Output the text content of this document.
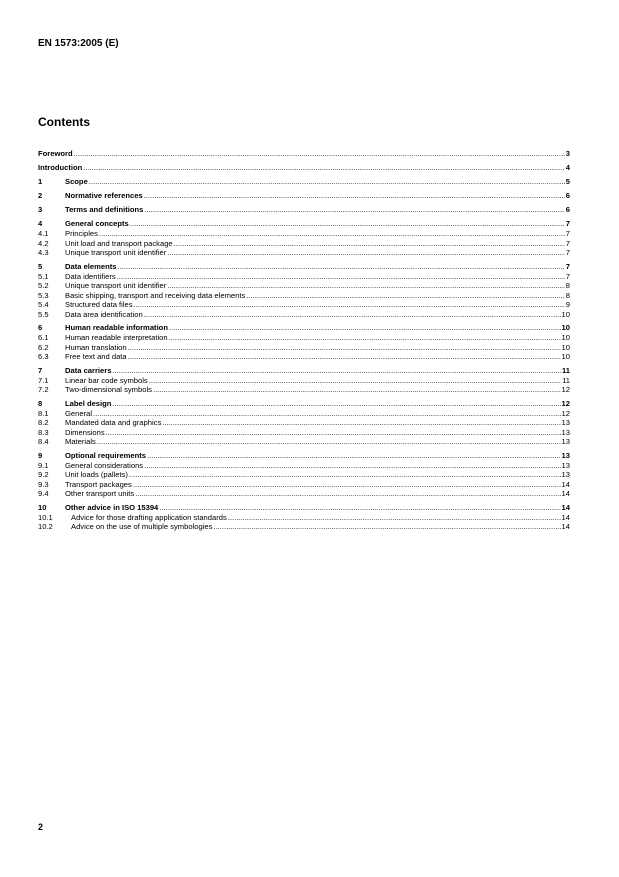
EN 1573:2005 (E)
Contents
Foreword .....	3
Introduction .....	4
1	Scope .....	5
2	Normative references .....	6
3	Terms and definitions .....	6
4	General concepts .....	7
4.1	Principles .....	7
4.2	Unit load and transport package .....	7
4.3	Unique transport unit identifier .....	7
5	Data elements .....	7
5.1	Data identifiers .....	7
5.2	Unique transport unit identifier .....	8
5.3	Basic shipping, transport and receiving data elements .....	8
5.4	Structured data files .....	9
5.5	Data area identification .....	10
6	Human readable information .....	10
6.1	Human readable interpretation .....	10
6.2	Human translation .....	10
6.3	Free text and data .....	10
7	Data carriers .....	11
7.1	Linear bar code symbols .....	11
7.2	Two-dimensional symbols .....	12
8	Label design .....	12
8.1	General .....	12
8.2	Mandated data and graphics .....	13
8.3	Dimensions .....	13
8.4	Materials .....	13
9	Optional requirements .....	13
9.1	General considerations .....	13
9.2	Unit loads (pallets) .....	13
9.3	Transport packages .....	14
9.4	Other transport units .....	14
10	Other advice in ISO 15394 .....	14
10.1	Advice for those drafting application standards .....	14
10.2	Advice on the use of multiple symbologies .....	14
2
